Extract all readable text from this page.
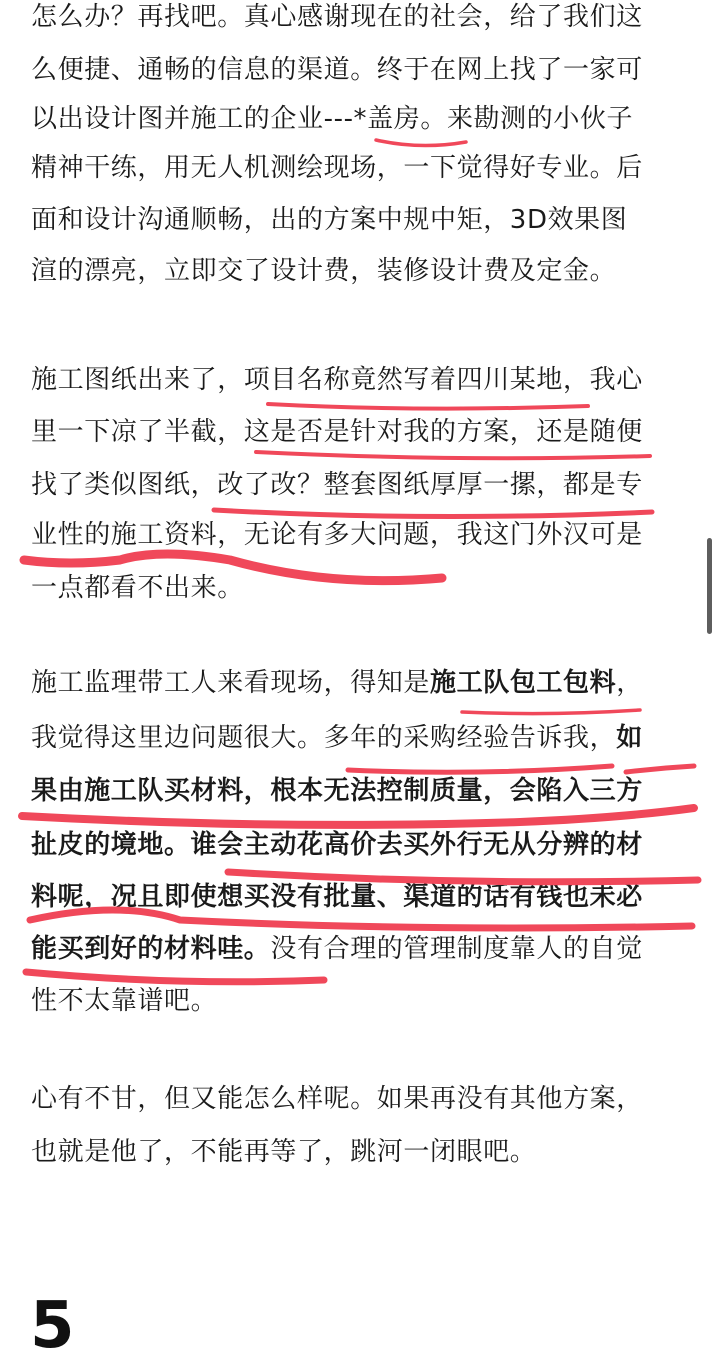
怎么办？再找吧。真心感谢现在的社会，给了我们这
么便捷、通畅的信息的渠道。终于在网上找了一家可
以出设计图并施工的企业---*盖房。来勘测的小伙子
精神干练，用无人机测绘现场，一下觉得好专业。后
面和设计沟通顺畅，出的方案中规中矩，3D效果图
渲的漂亮，立即交了设计费，装修设计费及定金。
施工图纸出来了，项目名称竟然写着四川某地，我心
里一下凉了半截，这是否是针对我的方案，还是随便
找了类似图纸，改了改？整套图纸厚厚一摞，都是专
业性的施工资料，无论有多大问题，我这门外汉可是
一点都看不出来。
施工监理带工人来看现场，得知是施工队包工包料，
我觉得这里边问题很大。多年的采购经验告诉我，如
果由施工队买材料，根本无法控制质量，会陷入三方
扯皮的境地。谁会主动花高价去买外行无从分辨的材
料呢，况且即使想买没有批量、渠道的话有钱也未必
能买到好的材料哇。没有合理的管理制度靠人的自觉
性不太靠谱吧。
心有不甘，但又能怎么样呢。如果再没有其他方案，
也就是他了，不能再等了，跳河一闭眼吧。
5
